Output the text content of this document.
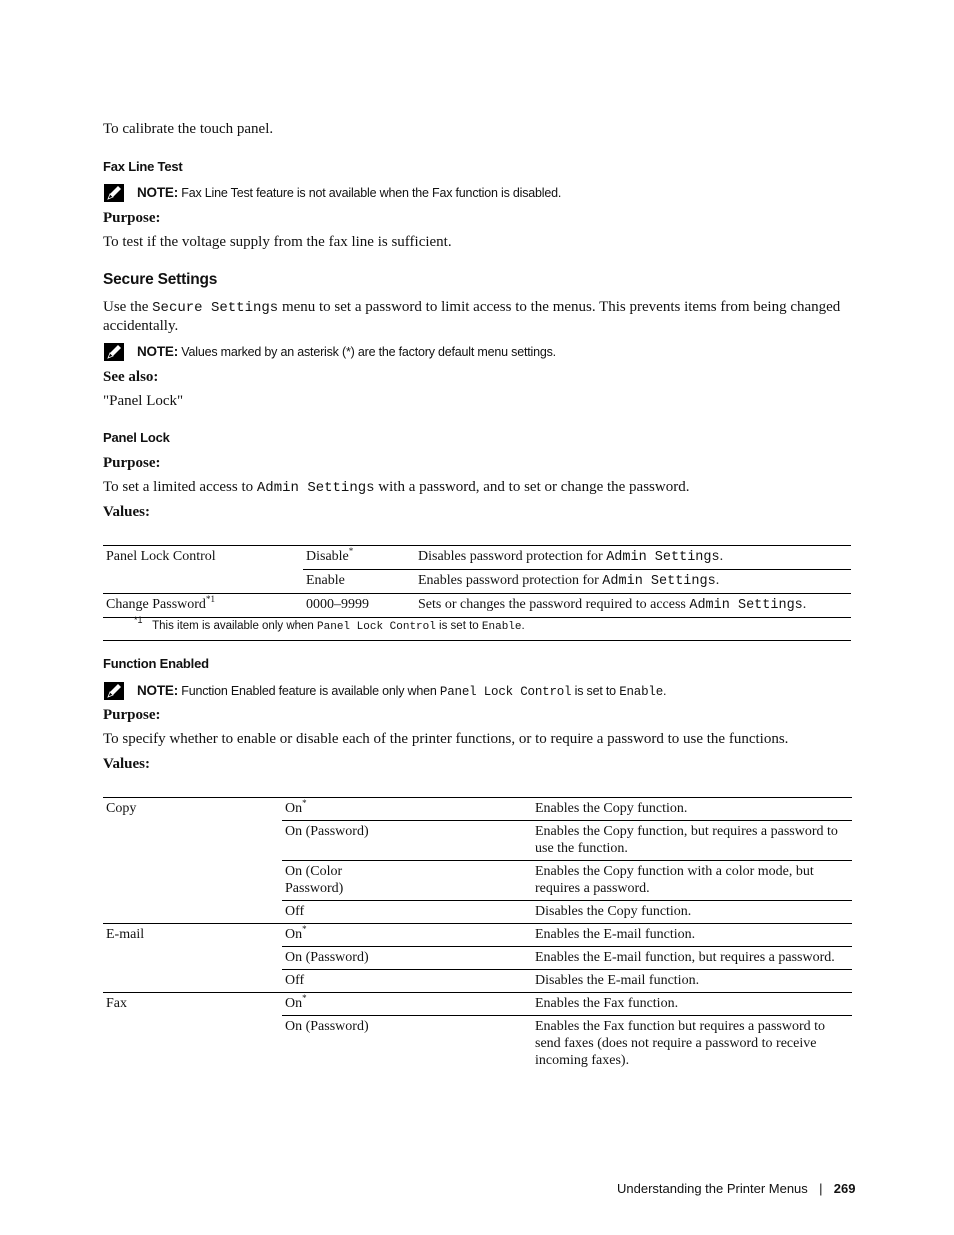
To calibrate the touch panel.

Fax Line Test
NOTE: Fax Line Test feature is not available when the Fax function is disabled.
Purpose:
To test if the voltage supply from the fax line is sufficient.
Secure Settings

Use the Secure Settings menu to set a password to limit access to the menus. This prevents items from being changed accidentally.

NOTE: Values marked by an asterisk (*) are the factory default menu settings.
See also:
"Panel Lock"
Panel Lock
Purpose:

To set a limited access to Admin Settings with a password, and to set or change the password.

Values:
Panel Lock Control	Disable*	Disables password protection for Admin Settings.
	Enable	Enables password protection for Admin Settings.
Change Password$^{*1}$	0000–9999	Sets or changes the password required to access Admin Settings.
$^{*1}$ This item is available only when Panel Lock Control is set to Enable.
Function Enabled
NOTE: Function Enabled feature is available only when Panel Lock Control is set to Enable.
Purpose:
To specify whether to enable or disable each of the printer functions, or to require a password to use the functions.
Values:
Copy	On*	Enables the Copy function.
	On (Password)	Enables the Copy function, but requires a password to use the function.
	On (Color
Password)	Enables the Copy function with a color mode, but requires a password.
	Off	Disables the Copy function.
E-mail	On*	Enables the E-mail function.
	On (Password)	Enables the E-mail function, but requires a password.
	Off	Disables the E-mail function.
Fax	On*	Enables the Fax function.
	On (Password)	Enables the Fax function but requires a password to send faxes (does not require a password to receive incoming faxes).
Understanding the Printer Menus | 269
